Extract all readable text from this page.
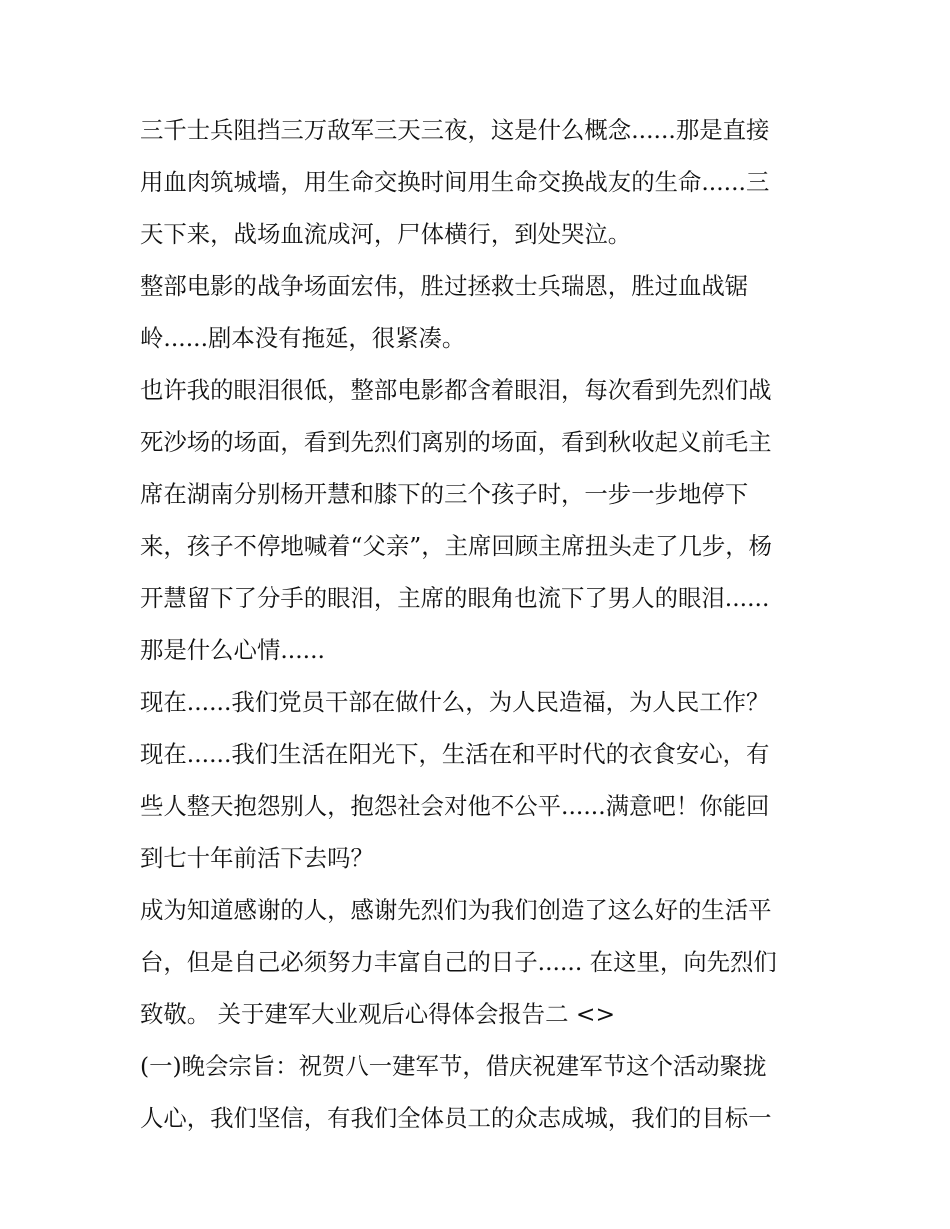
三千士兵阻挡三万敌军三天三夜，这是什么概念......那是直接
用血肉筑城墙，用生命交换时间用生命交换战友的生命......三
天下来，战场血流成河，尸体横行，到处哭泣。
整部电影的战争场面宏伟，胜过拯救士兵瑞恩，胜过血战锯
岭......剧本没有拖延，很紧凑。
也许我的眼泪很低，整部电影都含着眼泪，每次看到先烈们战
死沙场的场面，看到先烈们离别的场面，看到秋收起义前毛主
席在湖南分别杨开慧和膝下的三个孩子时，一步一步地停下
来，孩子不停地喊着“父亲”，主席回顾主席扭头走了几步，杨
开慧留下了分手的眼泪，主席的眼角也流下了男人的眼泪......
那是什么心情......
现在......我们党员干部在做什么，为人民造福，为人民工作？
现在......我们生活在阳光下，生活在和平时代的衣食安心，有
些人整天抱怨别人，抱怨社会对他不公平......满意吧！你能回
到七十年前活下去吗？
成为知道感谢的人，感谢先烈们为我们创造了这么好的生活平
台，但是自己必须努力丰富自己的日子...... 在这里，向先烈们
致敬。 关于建军大业观后心得体会报告二 <>
(一)晚会宗旨：祝贺八一建军节，借庆祝建军节这个活动聚拢
人心，我们坚信，有我们全体员工的众志成城，我们的目标一
